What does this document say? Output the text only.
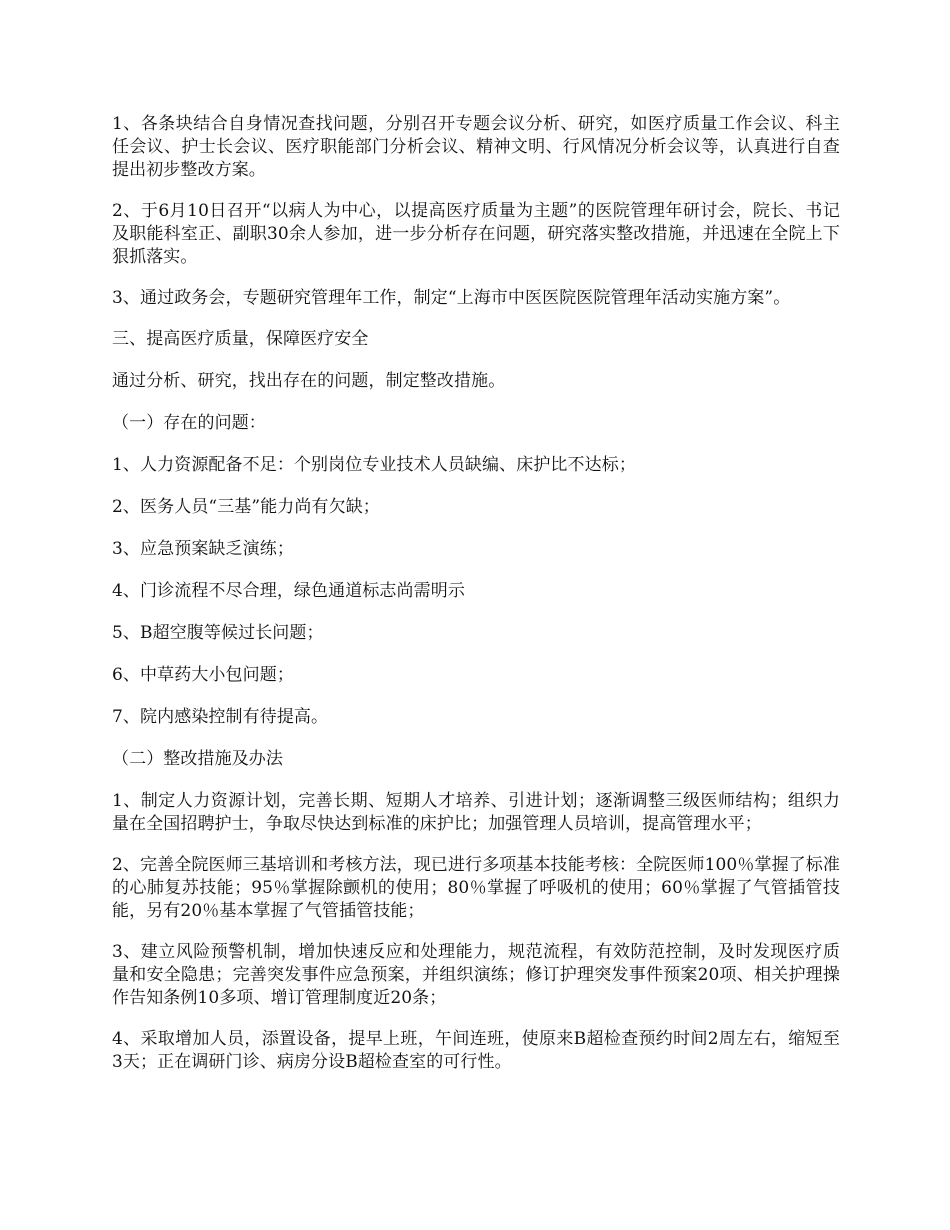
1、各条块结合自身情况查找问题，分别召开专题会议分析、研究，如医疗质量工作会议、科主任会议、护士长会议、医疗职能部门分析会议、精神文明、行风情况分析会议等，认真进行自查提出初步整改方案。

2、于6月10日召开“以病人为中心，以提高医疗质量为主题”的医院管理年研讨会，院长、书记及职能科室正、副职30余人参加，进一步分析存在问题，研究落实整改措施，并迅速在全院上下狠抓落实。

3、通过政务会，专题研究管理年工作，制定“上海市中医医院医院管理年活动实施方案”。

三、提高医疗质量，保障医疗安全

通过分析、研究，找出存在的问题，制定整改措施。

（一）存在的问题：

1、人力资源配备不足：个别岗位专业技术人员缺编、床护比不达标；

2、医务人员“三基”能力尚有欠缺；

3、应急预案缺乏演练；

4、门诊流程不尽合理，绿色通道标志尚需明示

5、B超空腹等候过长问题；

6、中草药大小包问题；

7、院内感染控制有待提高。

（二）整改措施及办法

1、制定人力资源计划，完善长期、短期人才培养、引进计划；逐渐调整三级医师结构；组织力量在全国招聘护士，争取尽快达到标准的床护比；加强管理人员培训，提高管理水平；

2、完善全院医师三基培训和考核方法，现已进行多项基本技能考核：全院医师100％掌握了标准的心肺复苏技能；95％掌握除颤机的使用；80％掌握了呼吸机的使用；60％掌握了气管插管技能，另有20％基本掌握了气管插管技能；

3、建立风险预警机制，增加快速反应和处理能力，规范流程，有效防范控制，及时发现医疗质量和安全隐患；完善突发事件应急预案，并组织演练；修订护理突发事件预案20项、相关护理操作告知条例10多项、增订管理制度近20条；

4、采取增加人员，添置设备，提早上班，午间连班，使原来B超检查预约时间2周左右，缩短至3天；正在调研门诊、病房分设B超检查室的可行性。
